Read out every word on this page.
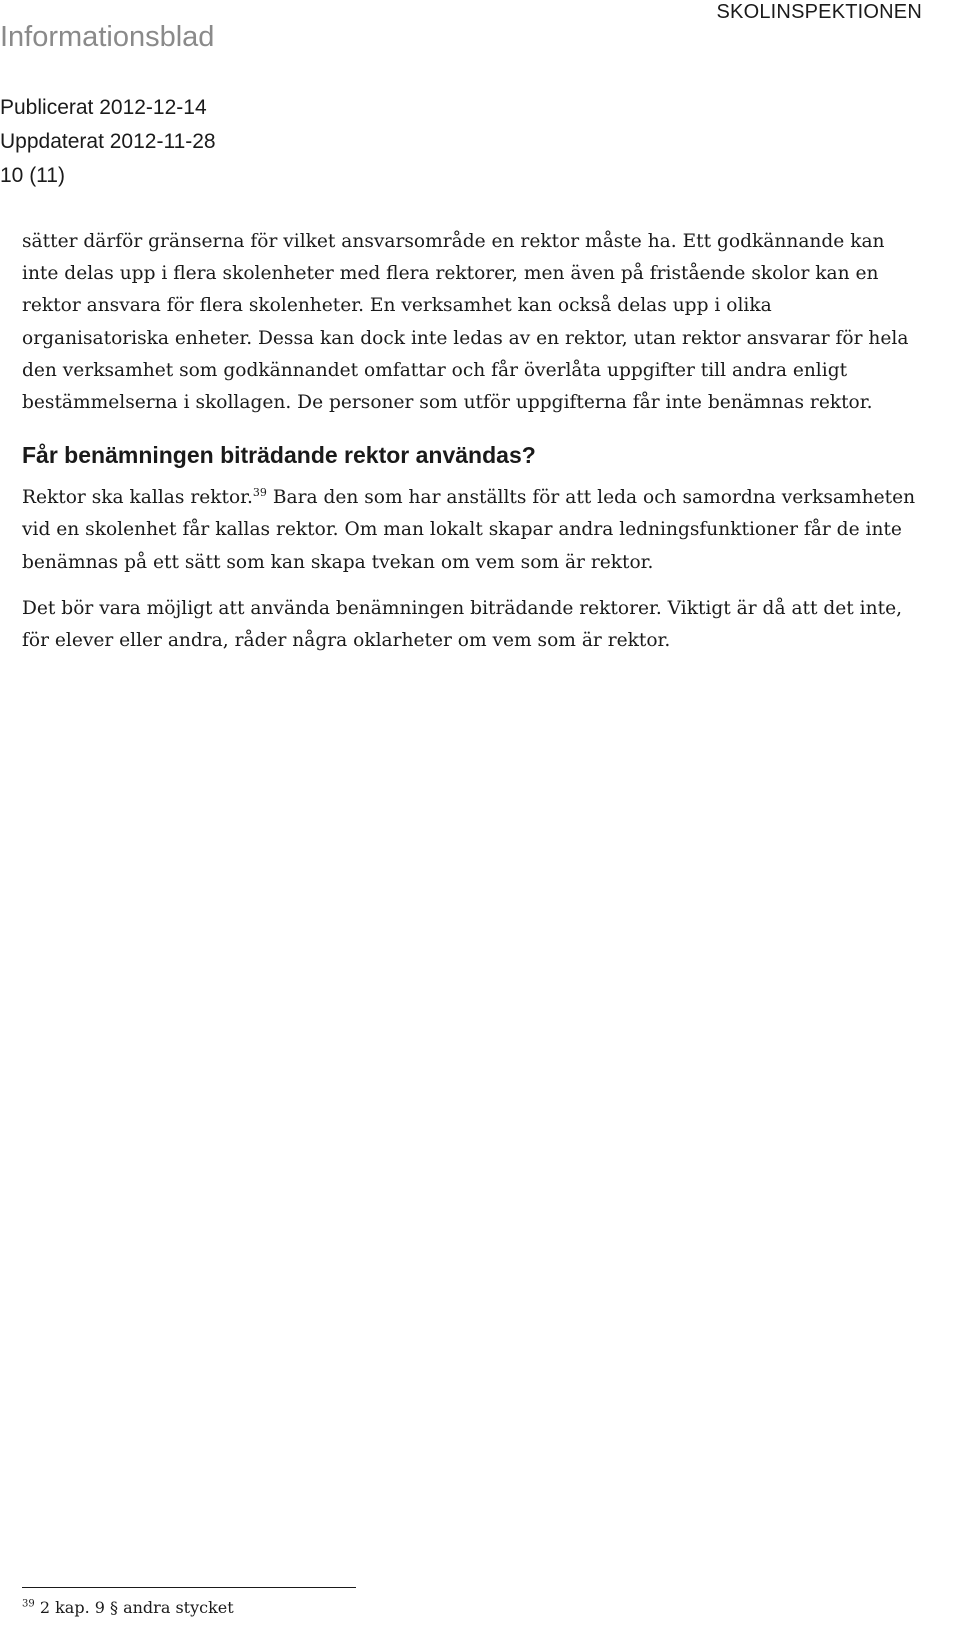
Informationsblad
SKOLINSPEKTIONEN
Publicerat 2012-12-14
Uppdaterat 2012-11-28
10 (11)

sätter därför gränserna för vilket ansvarsområde en rektor måste ha. Ett godkännande kan inte delas upp i flera skolenheter med flera rektorer, men även på fristående skolor kan en rektor ansvara för flera skolenheter. En verksamhet kan också delas upp i olika organisatoriska enheter. Dessa kan dock inte ledas av en rektor, utan rektor ansvarar för hela den verksamhet som godkännandet omfattar och får överlåta uppgifter till andra enligt bestämmelserna i skollagen. De personer som utför uppgifterna får inte benämnas rektor.

Får benämningen biträdande rektor användas?

Rektor ska kallas rektor.$^{39}$ Bara den som har anställts för att leda och samordna verksamheten vid en skolenhet får kallas rektor. Om man lokalt skapar andra ledningsfunktioner får de inte benämnas på ett sätt som kan skapa tvekan om vem som är rektor.

Det bör vara möjligt att använda benämningen biträdande rektorer. Viktigt är då att det inte, för elever eller andra, råder några oklarheter om vem som är rektor.

$^{39}$ 2 kap. 9 § andra stycket
